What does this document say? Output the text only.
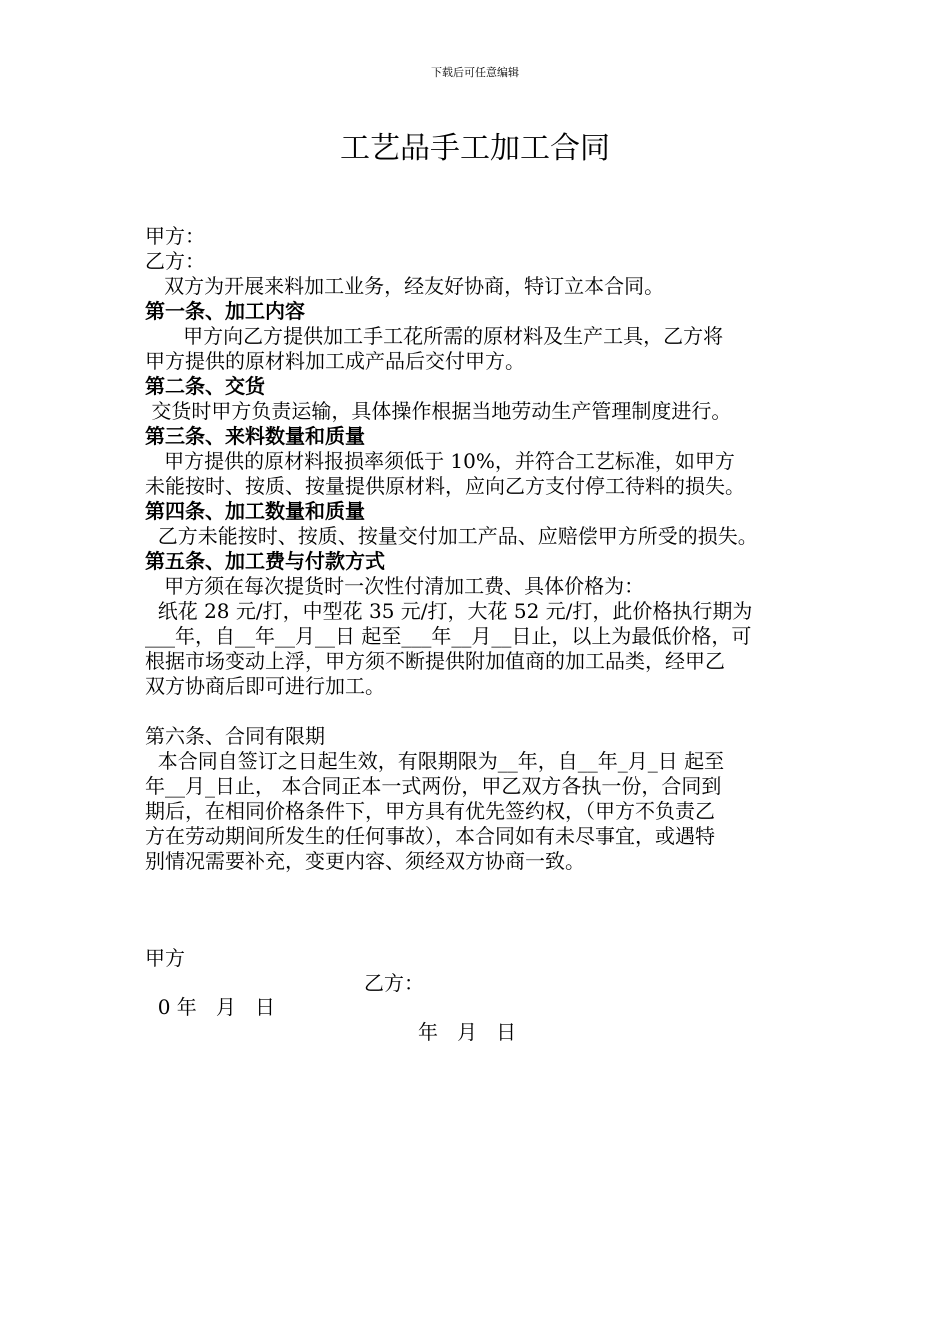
下载后可任意编辑
工艺品手工加工合同
甲方：
乙方：
双方为开展来料加工业务，经友好协商，特订立本合同。
第一条、加工内容
甲方向乙方提供加工手工花所需的原材料及生产工具，乙方将
甲方提供的原材料加工成产品后交付甲方。
第二条、交货
交货时甲方负责运输，具体操作根据当地劳动生产管理制度进行。
第三条、来料数量和质量
甲方提供的原材料报损率须低于 10%，并符合工艺标准，如甲方
未能按时、按质、按量提供原材料，应向乙方支付停工待料的损失。
第四条、加工数量和质量
乙方未能按时、按质、按量交付加工产品、应赔偿甲方所受的损失。
第五条、加工费与付款方式
甲方须在每次提货时一次性付清加工费、具体价格为：
纸花 28 元/打，中型花 35 元/打，大花 52 元/打，此价格执行期为
___年，自__年__月__日 起至___年__月__日止，以上为最低价格，可
根据市场变动上浮，甲方须不断提供附加值商的加工品类，经甲乙
双方协商后即可进行加工。
第六条、合同有限期
本合同自签订之日起生效，有限期限为__年，自__年_月_日 起至
年__月_日止， 本合同正本一式两份，甲乙双方各执一份，合同到
期后，在相同价格条件下，甲方具有优先签约权，（甲方不负责乙
方在劳动期间所发生的任何事故），本合同如有未尽事宜，或遇特
别情况需要补充，变更内容、须经双方协商一致。

甲方

乙方：

0 年   月   日

年   月   日
